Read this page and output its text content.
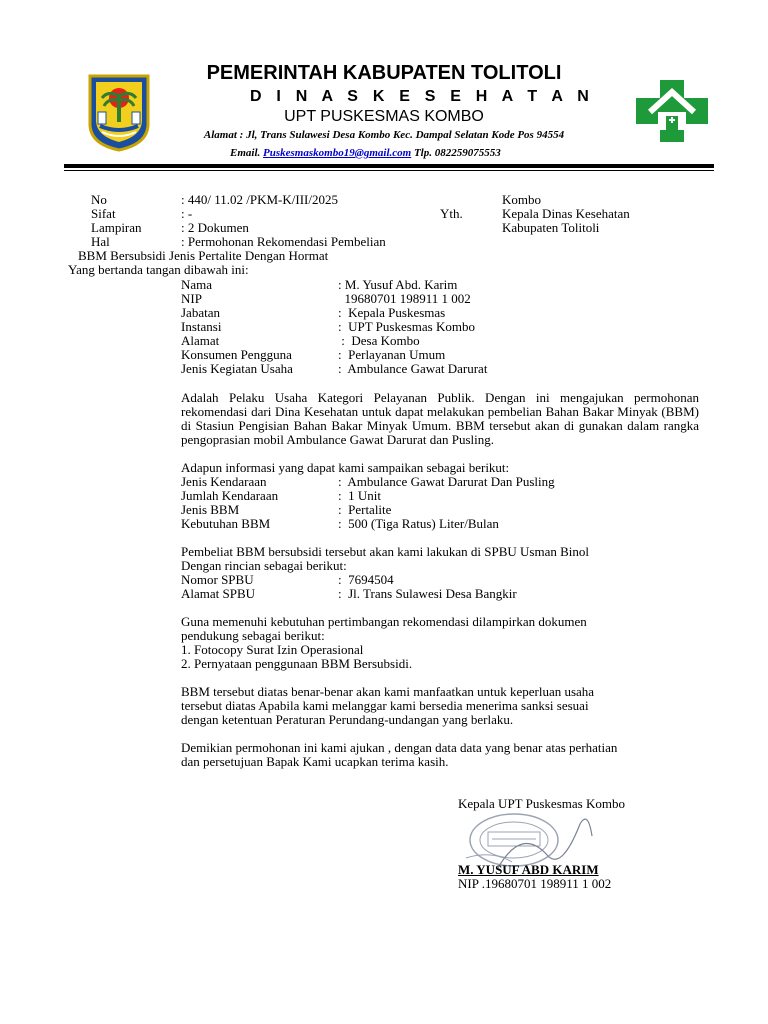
PEMERINTAH KABUPATEN TOLITOLI
D I N A S K E S E H A T A N
UPT PUSKESMAS KOMBO
Alamat : Jl, Trans Sulawesi Desa Kombo Kec. Dampal Selatan Kode Pos 94554
Email. Puskesmaskombo19@gmail.com Tlp. 082259075553
No	: 440/ 11.02 /PKM-K/III/2025
Sifat	: -
Lampiran	: 2 Dokumen
Hal	: Permohonan Rekomendasi Pembelian
BBM Bersubsidi Jenis Pertalite Dengan Hormat
Kombo
Yth.	Kepala Dinas Kesehatan
Kabupaten Tolitoli
Yang bertanda tangan dibawah ini:
Nama	: M. Yusuf Abd. Karim
NIP	19680701 198911 1 002
Jabatan	:  Kepala Puskesmas
Instansi	:  UPT Puskesmas Kombo
Alamat	:  Desa Kombo
Konsumen Pengguna	:  Perlayanan Umum
Jenis Kegiatan Usaha	:  Ambulance Gawat Darurat
Adalah Pelaku Usaha Kategori Pelayanan Publik. Dengan ini mengajukan permohonan rekomendasi dari Dina Kesehatan untuk dapat melakukan pembelian Bahan Bakar Minyak (BBM) di Stasiun Pengisian Bahan Bakar Minyak Umum. BBM tersebut akan di gunakan dalam rangka pengoprasian mobil Ambulance Gawat Darurat dan Pusling.
Adapun informasi yang dapat kami sampaikan sebagai berikut:
Jenis Kendaraan	:  Ambulance Gawat Darurat Dan Pusling
Jumlah Kendaraan	:  1 Unit
Jenis BBM	:  Pertalite
Kebutuhan BBM	:  500 (Tiga Ratus) Liter/Bulan
Pembeliat BBM bersubsidi tersebut akan kami lakukan di SPBU Usman Binol
Dengan rincian sebagai berikut:
Nomor SPBU	:  7694504
Alamat SPBU	:  Jl. Trans Sulawesi Desa Bangkir
Guna memenuhi kebutuhan pertimbangan rekomendasi dilampirkan dokumen
pendukung sebagai berikut:
1. Fotocopy Surat Izin Operasional
2. Pernyataan penggunaan BBM Bersubsidi.
BBM tersebut diatas benar-benar akan kami manfaatkan untuk keperluan usaha
tersebut diatas Apabila kami melanggar kami bersedia menerima sanksi sesuai
dengan ketentuan Peraturan Perundang-undangan yang berlaku.
Demikian permohonan ini kami ajukan , dengan data data yang benar atas perhatian
dan persetujuan Bapak Kami ucapkan terima kasih.
Kepala UPT Puskesmas Kombo
M. YUSUF ABD KARIM
NIP .19680701 198911 1 002
